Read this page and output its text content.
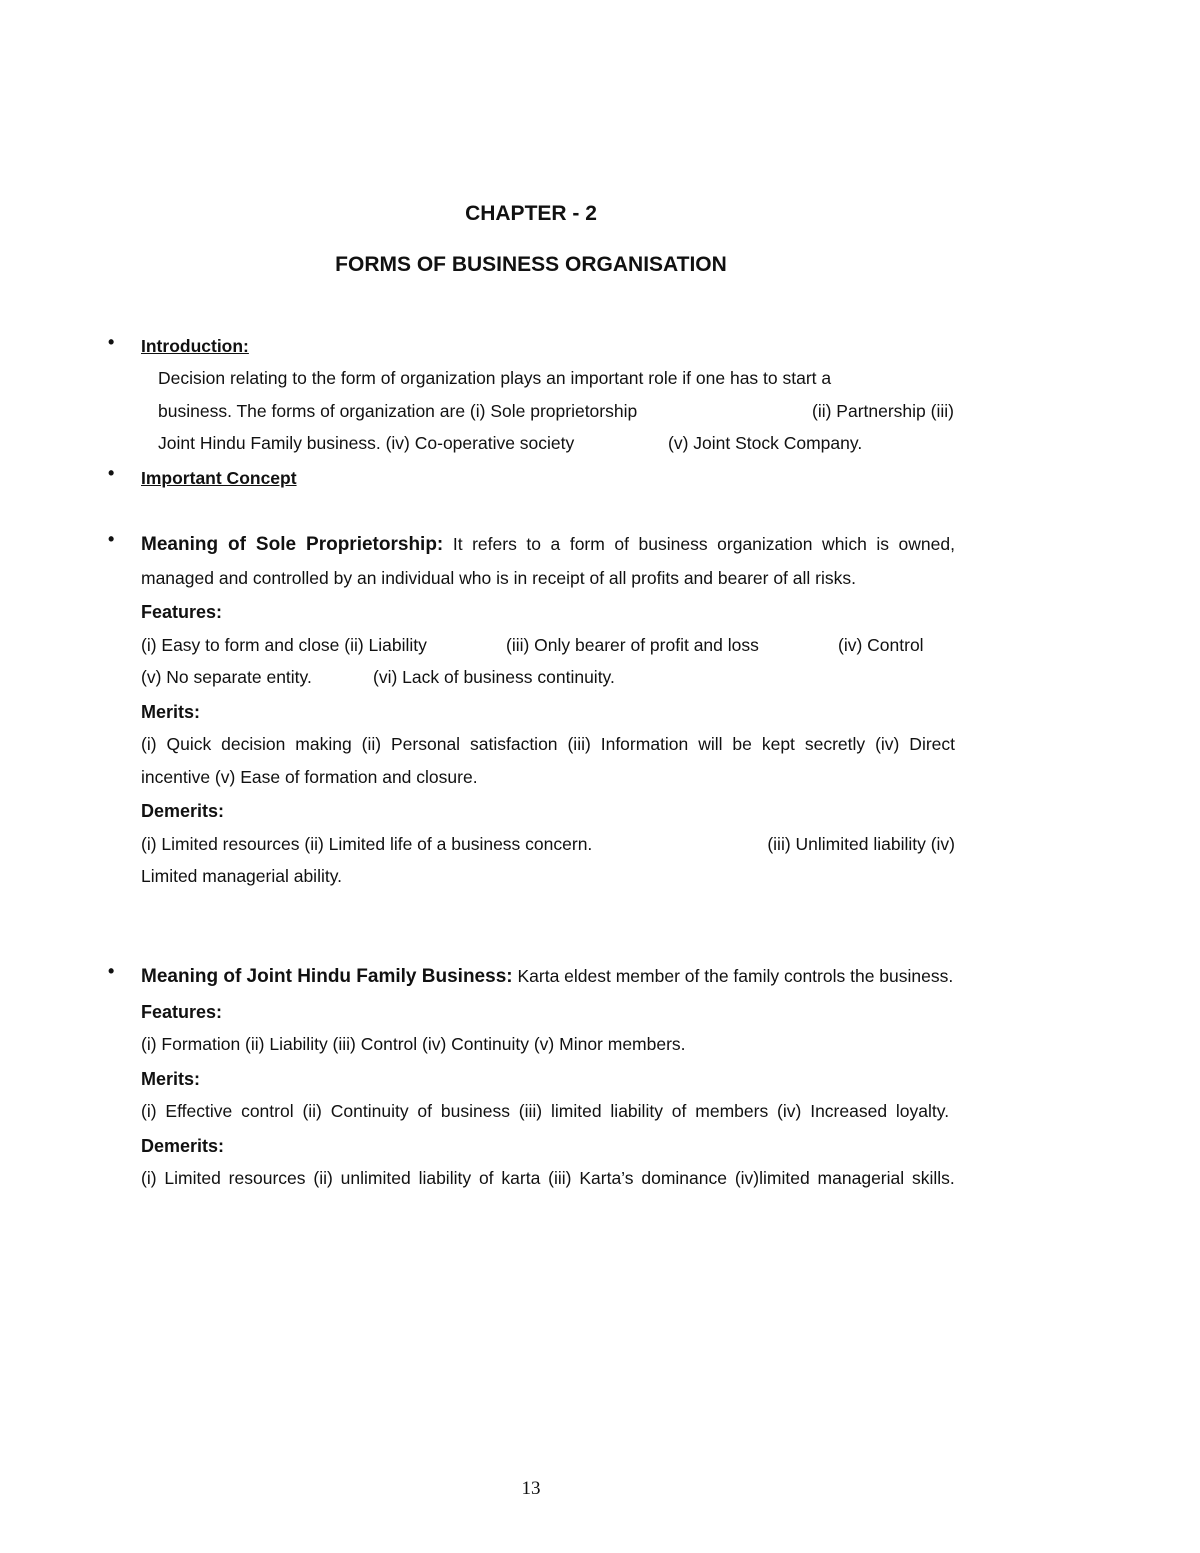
CHAPTER - 2
FORMS OF BUSINESS ORGANISATION
• Introduction:
Decision relating to the form of organization plays an important role if one has to start a
business. The forms of organization are (i) Sole proprietorship	(ii) Partnership (iii)
Joint Hindu Family business. (iv) Co-operative society	(v) Joint Stock Company.
• Important Concept
• Meaning of Sole Proprietorship: It refers to a form of business organization which is owned, managed and controlled by an individual who is in receipt of all profits and bearer of all risks.
Features:
(i) Easy to form and close (ii) Liability	(iii) Only bearer of profit and loss	(iv) Control
(v) No separate entity.	(vi) Lack of business continuity.
Merits:
(i) Quick decision making (ii) Personal satisfaction (iii) Information will be kept secretly (iv) Direct incentive (v) Ease of formation and closure.
Demerits:
(i) Limited resources (ii) Limited life of a business concern.	(iii) Unlimited liability (iv)
Limited managerial ability.
• Meaning of Joint Hindu Family Business: Karta eldest member of the family controls the business.
Features:
(i) Formation (ii) Liability (iii) Control (iv) Continuity (v) Minor members.
Merits:
(i) Effective control (ii) Continuity of business (iii) limited liability of members (iv) Increased loyalty.
Demerits:
(i) Limited resources (ii) unlimited liability of karta (iii) Karta’s dominance (iv)limited managerial skills.
13
